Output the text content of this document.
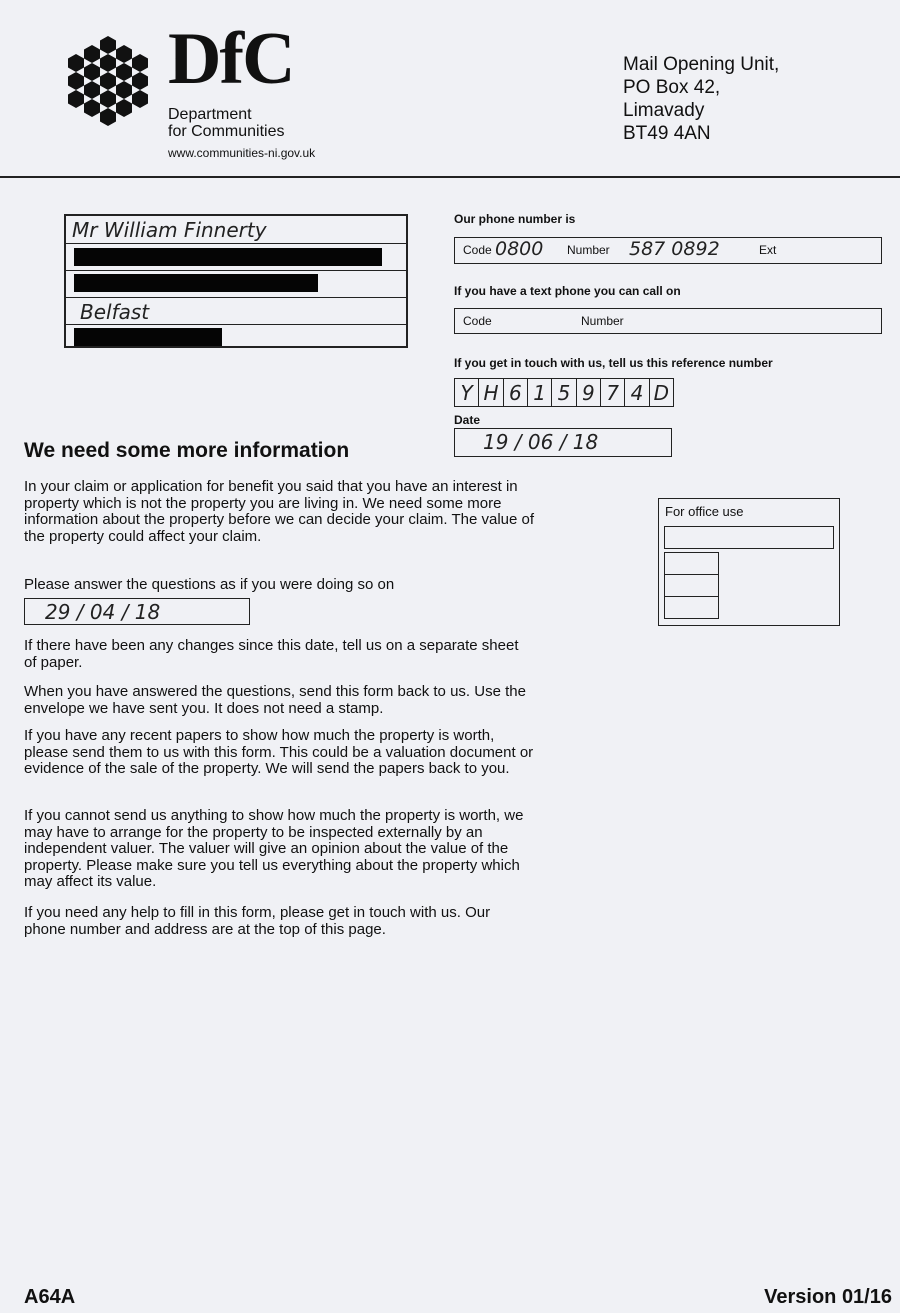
DfC
Department
for Communities
www.communities-ni.gov.uk
Mail Opening Unit,
PO Box 42,
Limavady
BT49 4AN
Mr William Finnerty
Belfast
Our phone number is
Code 0800 Number 587 0892	Ext
If you have a text phone you can call on
Code	Number
If you get in touch with us, tell us this reference number
Y H 6 1 5 9 7 4 D
Date
19 / 06 / 18
We need some more information
In your claim or application for benefit you said that you have an interest in property which is not the property you are living in. We need some more information about the property before we can decide your claim. The value of the property could affect your claim.
Please answer the questions as if you were doing so on
29 / 04 / 18
If there have been any changes since this date, tell us on a separate sheet of paper.
When you have answered the questions, send this form back to us. Use the envelope we have sent you. It does not need a stamp.
If you have any recent papers to show how much the property is worth, please send them to us with this form. This could be a valuation document or evidence of the sale of the property. We will send the papers back to you.
If you cannot send us anything to show how much the property is worth, we may have to arrange for the property to be inspected externally by an independent valuer. The valuer will give an opinion about the value of the property. Please make sure you tell us everything about the property which may affect its value.
If you need any help to fill in this form, please get in touch with us. Our phone number and address are at the top of this page.
For office use
A64A	Version 01/16
